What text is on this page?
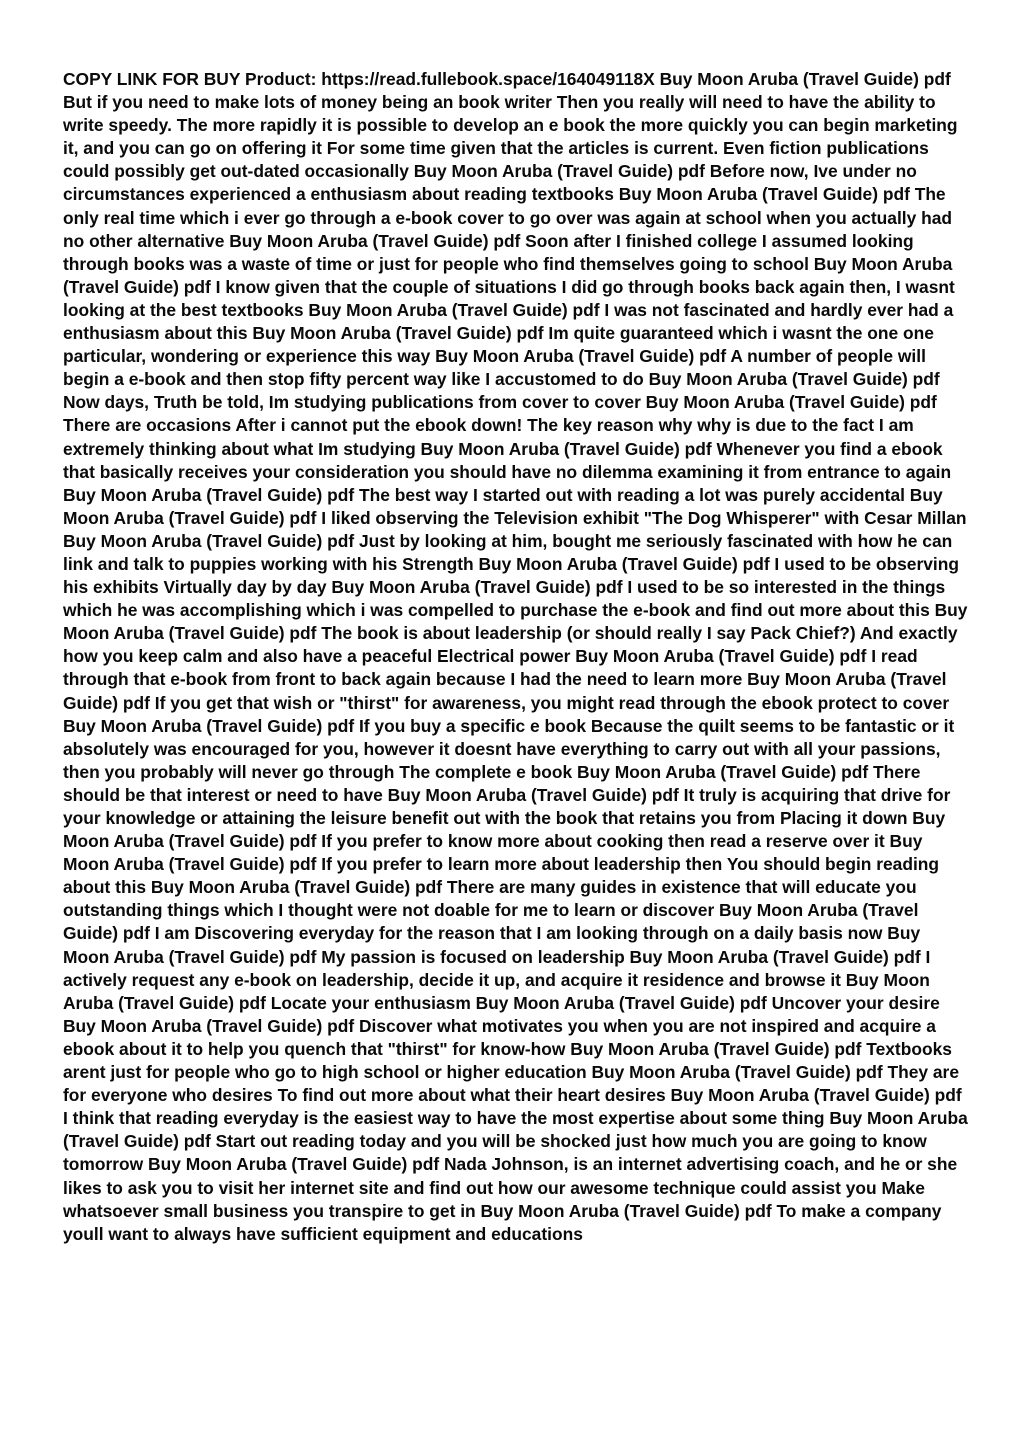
COPY LINK FOR BUY Product: https://read.fullebook.space/164049118X Buy Moon Aruba (Travel Guide) pdf But if you need to make lots of money being an book writer Then you really will need to have the ability to write speedy. The more rapidly it is possible to develop an e book the more quickly you can begin marketing it, and you can go on offering it For some time given that the articles is current. Even fiction publications could possibly get out-dated occasionally Buy Moon Aruba (Travel Guide) pdf Before now, Ive under no circumstances experienced a enthusiasm about reading textbooks Buy Moon Aruba (Travel Guide) pdf The only real time which i ever go through a e-book cover to go over was again at school when you actually had no other alternative Buy Moon Aruba (Travel Guide) pdf Soon after I finished college I assumed looking through books was a waste of time or just for people who find themselves going to school Buy Moon Aruba (Travel Guide) pdf I know given that the couple of situations I did go through books back again then, I wasnt looking at the best textbooks Buy Moon Aruba (Travel Guide) pdf I was not fascinated and hardly ever had a enthusiasm about this Buy Moon Aruba (Travel Guide) pdf Im quite guaranteed which i wasnt the one one particular, wondering or experience this way Buy Moon Aruba (Travel Guide) pdf A number of people will begin a e-book and then stop fifty percent way like I accustomed to do Buy Moon Aruba (Travel Guide) pdf Now days, Truth be told, Im studying publications from cover to cover Buy Moon Aruba (Travel Guide) pdf There are occasions After i cannot put the ebook down! The key reason why why is due to the fact I am extremely thinking about what Im studying Buy Moon Aruba (Travel Guide) pdf Whenever you find a ebook that basically receives your consideration you should have no dilemma examining it from entrance to again Buy Moon Aruba (Travel Guide) pdf The best way I started out with reading a lot was purely accidental Buy Moon Aruba (Travel Guide) pdf I liked observing the Television exhibit "The Dog Whisperer" with Cesar Millan Buy Moon Aruba (Travel Guide) pdf Just by looking at him, bought me seriously fascinated with how he can link and talk to puppies working with his Strength Buy Moon Aruba (Travel Guide) pdf I used to be observing his exhibits Virtually day by day Buy Moon Aruba (Travel Guide) pdf I used to be so interested in the things which he was accomplishing which i was compelled to purchase the e-book and find out more about this Buy Moon Aruba (Travel Guide) pdf The book is about leadership (or should really I say Pack Chief?) And exactly how you keep calm and also have a peaceful Electrical power Buy Moon Aruba (Travel Guide) pdf I read through that e-book from front to back again because I had the need to learn more Buy Moon Aruba (Travel Guide) pdf If you get that wish or "thirst" for awareness, you might read through the ebook protect to cover Buy Moon Aruba (Travel Guide) pdf If you buy a specific e book Because the quilt seems to be fantastic or it absolutely was encouraged for you, however it doesnt have everything to carry out with all your passions, then you probably will never go through The complete e book Buy Moon Aruba (Travel Guide) pdf There should be that interest or need to have Buy Moon Aruba (Travel Guide) pdf It truly is acquiring that drive for your knowledge or attaining the leisure benefit out with the book that retains you from Placing it down Buy Moon Aruba (Travel Guide) pdf If you prefer to know more about cooking then read a reserve over it Buy Moon Aruba (Travel Guide) pdf If you prefer to learn more about leadership then You should begin reading about this Buy Moon Aruba (Travel Guide) pdf There are many guides in existence that will educate you outstanding things which I thought were not doable for me to learn or discover Buy Moon Aruba (Travel Guide) pdf I am Discovering everyday for the reason that I am looking through on a daily basis now Buy Moon Aruba (Travel Guide) pdf My passion is focused on leadership Buy Moon Aruba (Travel Guide) pdf I actively request any e-book on leadership, decide it up, and acquire it residence and browse it Buy Moon Aruba (Travel Guide) pdf Locate your enthusiasm Buy Moon Aruba (Travel Guide) pdf Uncover your desire Buy Moon Aruba (Travel Guide) pdf Discover what motivates you when you are not inspired and acquire a ebook about it to help you quench that "thirst" for know-how Buy Moon Aruba (Travel Guide) pdf Textbooks arent just for people who go to high school or higher education Buy Moon Aruba (Travel Guide) pdf They are for everyone who desires To find out more about what their heart desires Buy Moon Aruba (Travel Guide) pdf I think that reading everyday is the easiest way to have the most expertise about some thing Buy Moon Aruba (Travel Guide) pdf Start out reading today and you will be shocked just how much you are going to know tomorrow Buy Moon Aruba (Travel Guide) pdf Nada Johnson, is an internet advertising coach, and he or she likes to ask you to visit her internet site and find out how our awesome technique could assist you Make whatsoever small business you transpire to get in Buy Moon Aruba (Travel Guide) pdf To make a company youll want to always have sufficient equipment and educations
